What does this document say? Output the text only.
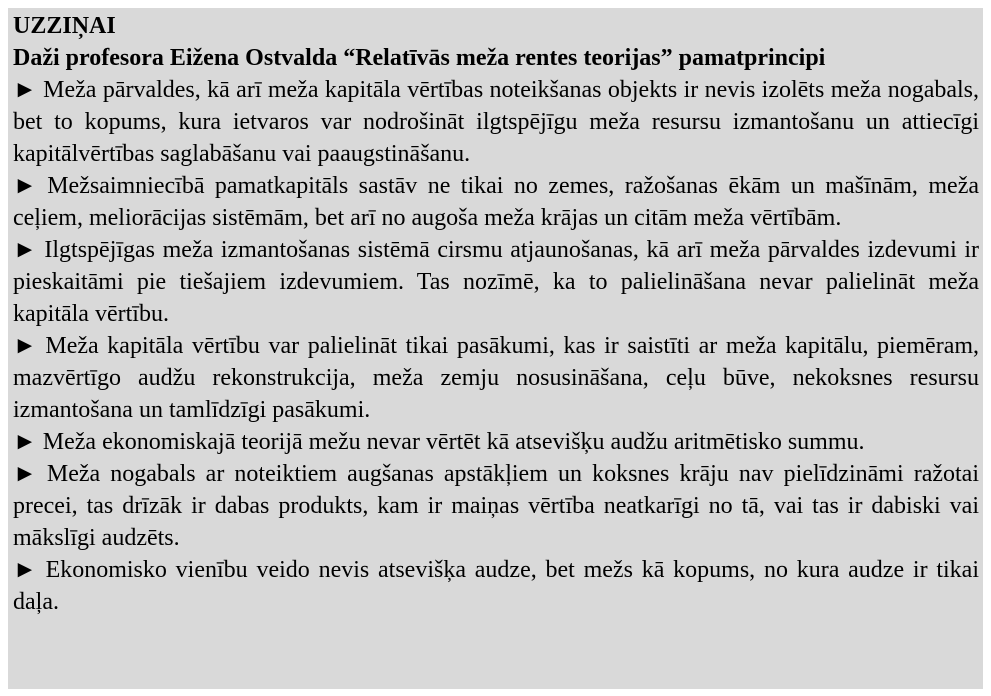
UZZIŅAI

Daži profesora Eižena Ostvalda “Relatīvās meža rentes teorijas” pamatprincipi

► Meža pārvaldes, kā arī meža kapitāla vērtības noteikšanas objekts ir nevis izolēts meža nogabals, bet to kopums, kura ietvaros var nodrošināt ilgtspējīgu meža resursu izmantošanu un attiecīgi kapitālvērtības saglabāšanu vai paaugstināšanu.

► Mežsaimniecībā pamatkapitāls sastāv ne tikai no zemes, ražošanas ēkām un mašīnām, meža ceļiem, meliorācijas sistēmām, bet arī no augoša meža krājas un citām meža vērtībām.

► Ilgtspējīgas meža izmantošanas sistēmā cirsmu atjaunošanas, kā arī meža pārvaldes izdevumi ir pieskaitāmi pie tiešajiem izdevumiem. Tas nozīmē, ka to palielināšana nevar palielināt meža kapitāla vērtību.

► Meža kapitāla vērtību var palielināt tikai pasākumi, kas ir saistīti ar meža kapitālu, piemēram, mazvērtīgo audžu rekonstrukcija, meža zemju nosusināšana, ceļu būve, nekoksnes resursu izmantošana un tamlīdzīgi pasākumi.

► Meža ekonomiskajā teorijā mežu nevar vērtēt kā atsevišķu audžu aritmētisko summu.

► Meža nogabals ar noteiktiem augšanas apstākļiem un koksnes krāju nav pielīdzināmi ražotai precei, tas drīzāk ir dabas produkts, kam ir maiņas vērtība neatkarīgi no tā, vai tas ir dabiski vai mākslīgi audzēts.

► Ekonomisko vienību veido nevis atsevišķa audze, bet mežs kā kopums, no kura audze ir tikai daļa.
